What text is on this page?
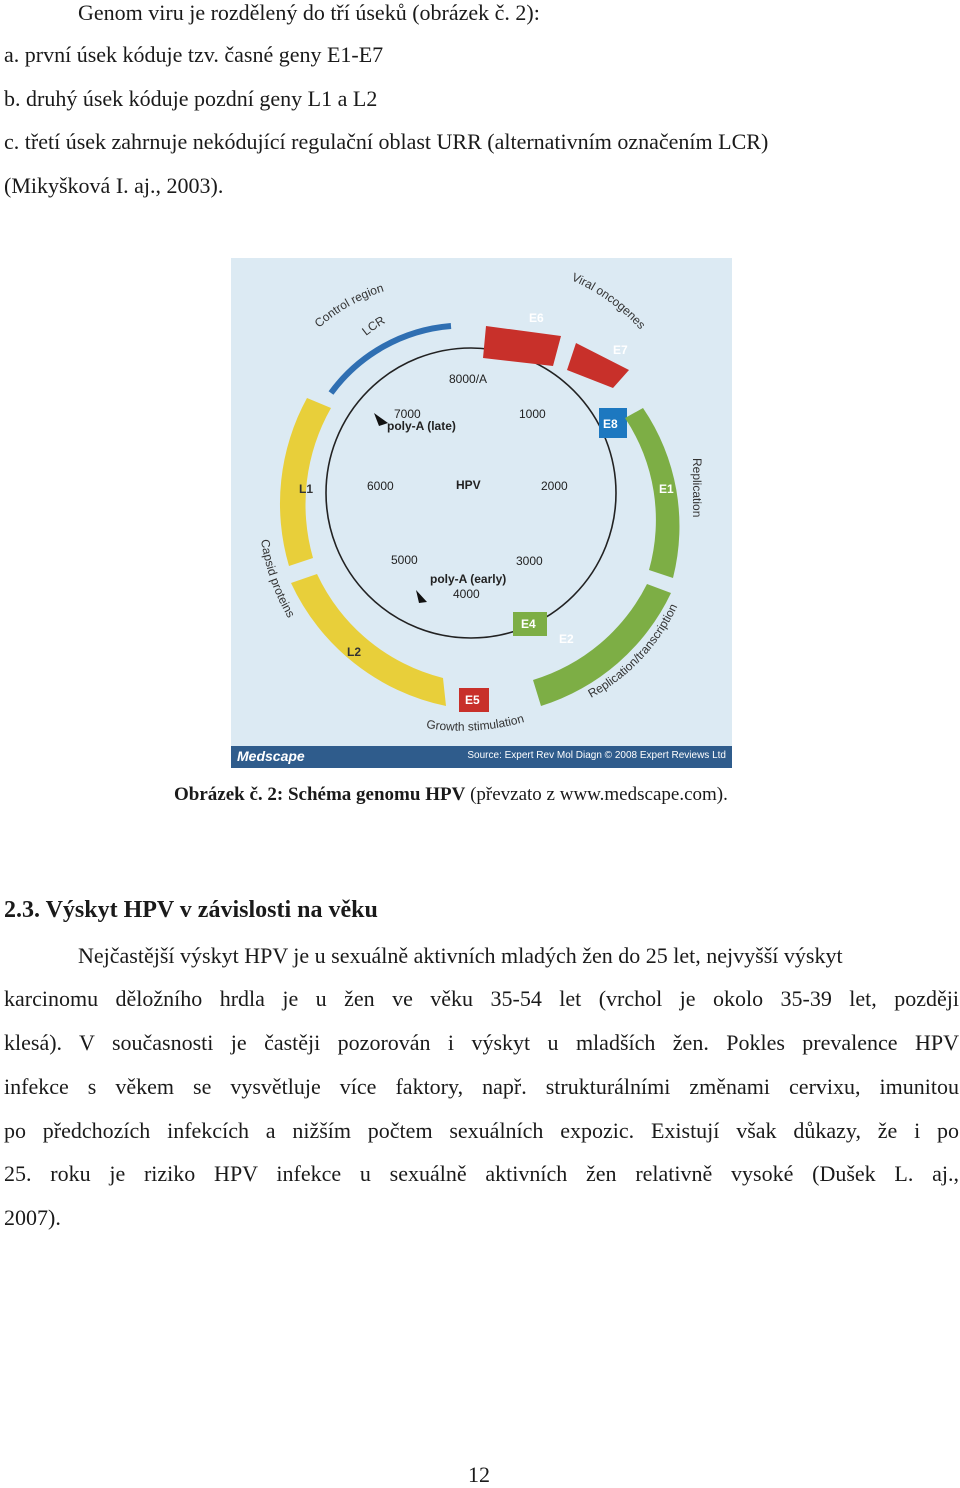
Genom viru je rozdělený do tří úseků (obrázek č. 2):
a. první úsek kóduje tzv. časné geny E1-E7
b. druhý úsek kóduje pozdní geny L1 a L2
c. třetí úsek zahrnuje nekódující regulační oblast URR (alternativním označením LCR)
(Mikyšková I. aj., 2003).
Control region
LCR
Viral oncogenes
Capsid proteins
Growth stimulation
Replication/transcription
Replication
E6
E7
E8
E1
E2
E4
E5
L1
L2
8000/A
1000
2000
3000
4000
5000
6000
7000
poly-A (late)
poly-A (early)
HPV
Medscape	Source: Expert Rev Mol Diagn © 2008 Expert Reviews Ltd
Obrázek č. 2: Schéma genomu HPV (převzato z www.medscape.com).
2.3. Výskyt HPV v závislosti na věku
Nejčastější výskyt HPV je u sexuálně aktivních mladých žen do 25 let, nejvyšší výskyt
karcinomu děložního hrdla je u žen ve věku 35-54 let (vrchol je okolo 35-39 let, později
klesá). V současnosti je častěji pozorován i výskyt u mladších žen. Pokles prevalence HPV
infekce s věkem se vysvětluje více faktory, např. strukturálními změnami cervixu, imunitou
po předchozích infekcích a nižším počtem sexuálních expozic. Existují však důkazy, že i po
25. roku je riziko HPV infekce u sexuálně aktivních žen relativně vysoké (Dušek L. aj.,
2007).
12
